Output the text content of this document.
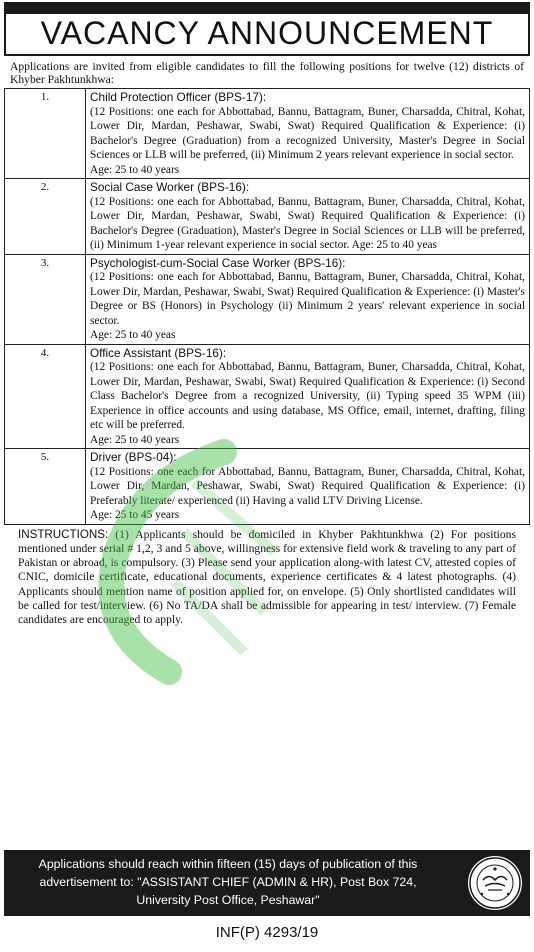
VACANCY ANNOUNCEMENT
Applications are invited from eligible candidates to fill the following positions for twelve (12) districts of Khyber Pakhtunkhwa:
1.	Child Protection Officer (BPS-17):
(12 Positions: one each for Abbottabad, Bannu, Battagram, Buner, Charsadda, Chitral, Kohat, Lower Dir, Mardan, Peshawar, Swabi, Swat) Required Qualification & Experience: (i) Bachelor's Degree (Graduation) from a recognized University, Master's Degree in Social Sciences or LLB will be preferred, (ii) Minimum 2 years relevant experience in social sector.
Age: 25 to 40 years

2.	Social Case Worker (BPS-16):
(12 Positions: one each for Abbottabad, Bannu, Battagram, Buner, Charsadda, Chitral, Kohat, Lower Dir, Mardan, Peshawar, Swabi, Swat) Required Qualification & Experience: (i) Bachelor's Degree (Graduation), Master's Degree in Social Sciences or LLB will be preferred, (ii) Minimum 1-year relevant experience in social sector. Age: 25 to 40 yeas

3.	Psychologist-cum-Social Case Worker (BPS-16):
(12 Positions: one each for Abbottabad, Bannu, Battagram, Buner, Charsadda, Chitral, Kohat, Lower Dir, Mardan, Peshawar, Swabi, Swat) Required Qualification & Experience: (i) Master's Degree or BS (Honors) in Psychology (ii) Minimum 2 years' relevant experience in social sector.
Age: 25 to 40 yeas

4.	Office Assistant (BPS-16):
(12 Positions: one each for Abbottabad, Bannu, Battagram, Buner, Charsadda, Chitral, Kohat, Lower Dir, Mardan, Peshawar, Swabi, Swat) Required Qualification & Experience: (i) Second Class Bachelor's Degree from a recognized University, (ii) Typing speed 35 WPM (iii) Experience in office accounts and using database, MS Office, email, internet, drafting, filing etc will be preferred.
Age: 25 to 40 years

5.	Driver (BPS-04):
(12 Positions: one each for Abbottabad, Bannu, Battagram, Buner, Charsadda, Chitral, Kohat, Lower Dir, Mardan, Peshawar, Swabi, Swat) Required Qualification & Experience: (i) Preferably literate/ experienced (ii) Having a valid LTV Driving License.
Age: 25 to 45 years
INSTRUCTIONS: (1) Applicants should be domiciled in Khyber Pakhtunkhwa (2) For positions mentioned under serial # 1,2, 3 and 5 above, willingness for extensive field work & traveling to any part of Pakistan or abroad, is compulsory. (3) Please send your application along-with latest CV, attested copies of CNIC, domicile certificate, educational documents, experience certificates & 4 latest photographs. (4) Applicants should mention name of position applied for, on envelope. (5) Only shortlisted candidates will be called for test/interview. (6) No TA/DA shall be admissible for appearing in test/ interview. (7) Female candidates are encouraged to apply.
Applications should reach within fifteen (15) days of publication of this
advertisement to: "ASSISTANT CHIEF (ADMIN & HR), Post Box 724,
University Post Office, Peshawar"
INF(P) 4293/19
